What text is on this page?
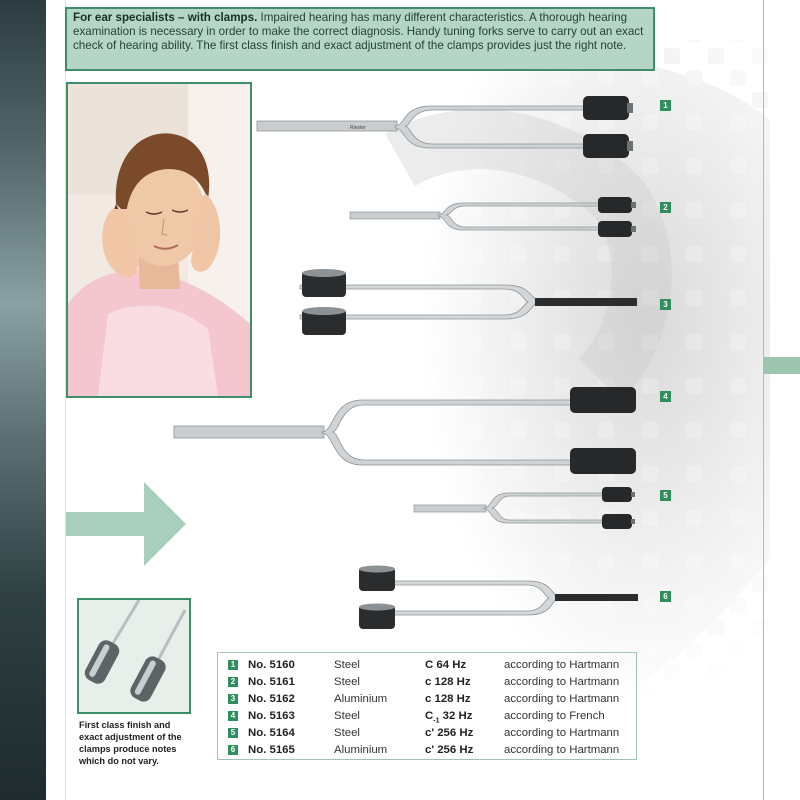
For ear specialists – with clamps. Impaired hearing has many different characteristics. A thorough hearing examination is necessary in order to make the correct diagnosis. Handy tuning forks serve to carry out an exact check of hearing ability. The first class finish and exact adjustment of the clamps provides just the right note.
First class finish and exact adjustment of the clamps produce notes which do not vary.
Riester
1
2
3
4
5
6
1 No. 5160	Steel	C 64 Hz	according to Hartmann
2 No. 5161	Steel	c 128 Hz	according to Hartmann
3 No. 5162	Aluminium	c 128 Hz	according to Hartmann
4 No. 5163	Steel	$C_{-1}$ 32 Hz	according to French
5 No. 5164	Steel	c' 256 Hz	according to Hartmann
6 No. 5165	Aluminium	c' 256 Hz	according to Hartmann
